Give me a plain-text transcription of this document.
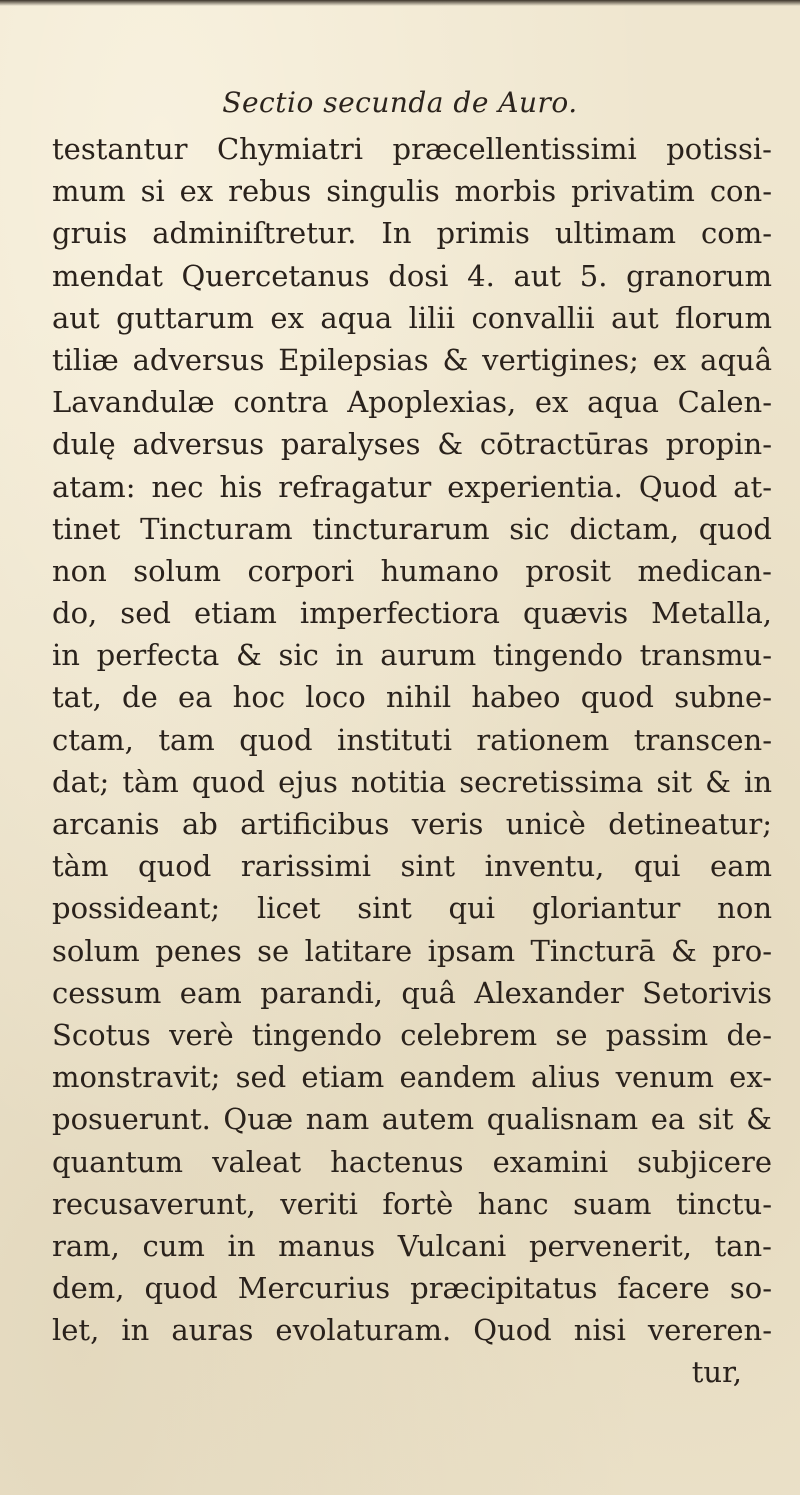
Sectio secunda de Auro.
testantur Chymiatri præcellentissimi potissi-
mum si ex rebus singulis morbis privatim con-
gruis adminiſtretur. In primis ultimam com-
mendat Quercetanus dosi 4. aut 5. granorum
aut guttarum ex aqua lilii convallii aut florum
tiliæ adversus Epilepsias & vertigines; ex aquâ
Lavandulæ contra Apoplexias, ex aqua Calen-
dulę adversus paralyses & cōtractūras propin-
atam: nec his refragatur experientia. Quod at-
tinet Tincturam tincturarum sic dictam, quod
non solum corpori humano prosit medican-
do, sed etiam imperfectiora quævis Metalla,
in perfecta & sic in aurum tingendo transmu-
tat, de ea hoc loco nihil habeo quod subne-
ctam, tam quod instituti rationem transcen-
dat; tàm quod ejus notitia secretissima sit & in
arcanis ab artificibus veris unicè detineatur;
tàm quod rarissimi sint inventu, qui eam
possideant; licet sint qui gloriantur non
solum penes se latitare ipsam Tincturā & pro-
cessum eam parandi, quâ Alexander Setorivis
Scotus verè tingendo celebrem se passim de-
monstravit; sed etiam eandem alius venum ex-
posuerunt. Quæ nam autem qualisnam ea sit &
quantum valeat hactenus examini subjicere
recusaverunt, veriti fortè hanc suam tinctu-
ram, cum in manus Vulcani pervenerit, tan-
dem, quod Mercurius præcipitatus facere so-
let, in auras evolaturam. Quod nisi vereren-
tur,
